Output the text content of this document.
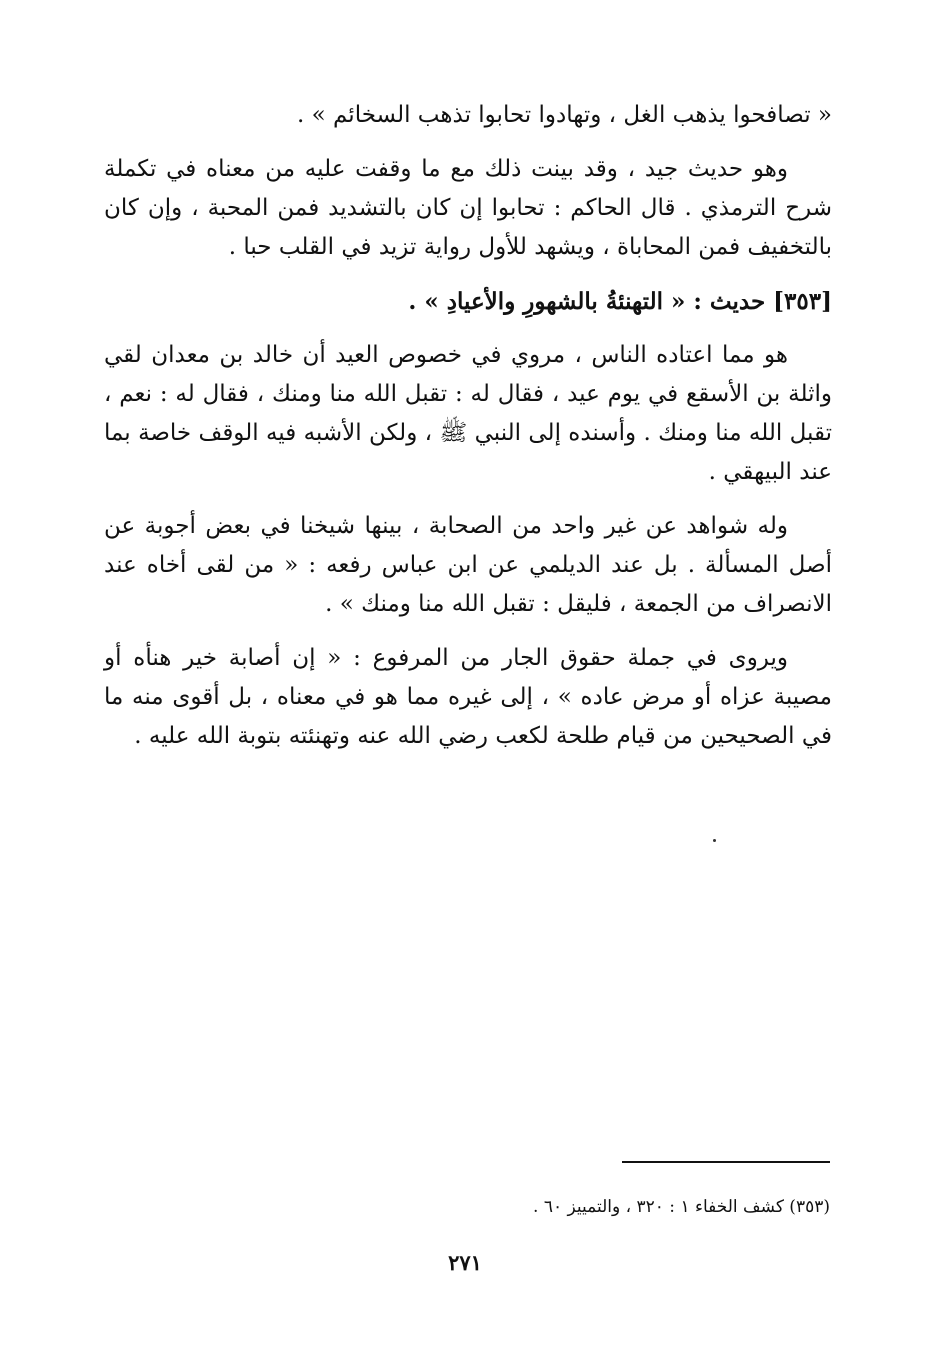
« تصافحوا يذهب الغل ، وتهادوا تحابوا تذهب السخائم » .

وهو حديث جيد ، وقد بينت ذلك مع ما وقفت عليه من معناه في تكملة شرح الترمذي . قال الحاكم : تحابوا إن كان بالتشديد فمن المحبة ، وإن كان بالتخفيف فمن المحاباة ، ويشهد للأول رواية تزيد في القلب حبا .

[٣٥٣] حديث : « التهنئةُ بالشهورِ والأعيادِ » .

هو مما اعتاده الناس ، مروي في خصوص العيد أن خالد بن معدان لقي واثلة بن الأسقع في يوم عيد ، فقال له : تقبل الله منا ومنك ، فقال له : نعم ، تقبل الله منا ومنك . وأسنده إلى النبي ﷺ ، ولكن الأشبه فيه الوقف خاصة بما عند البيهقي .

وله شواهد عن غير واحد من الصحابة ، بينها شيخنا في بعض أجوبة عن أصل المسألة . بل عند الديلمي عن ابن عباس رفعه : « من لقى أخاه عند الانصراف من الجمعة ، فليقل : تقبل الله منا ومنك » .

ويروى في جملة حقوق الجار من المرفوع : « إن أصابة خير هنأه أو مصيبة عزاه أو مرض عاده » ، إلى غيره مما هو في معناه ، بل أقوى منه ما في الصحيحين من قيام طلحة لكعب رضي الله عنه وتهنئته بتوبة الله عليه .

(٣٥٣) كشف الخفاء ١ : ٣٢٠ ، والتمييز ٦٠ .
٢٧١
